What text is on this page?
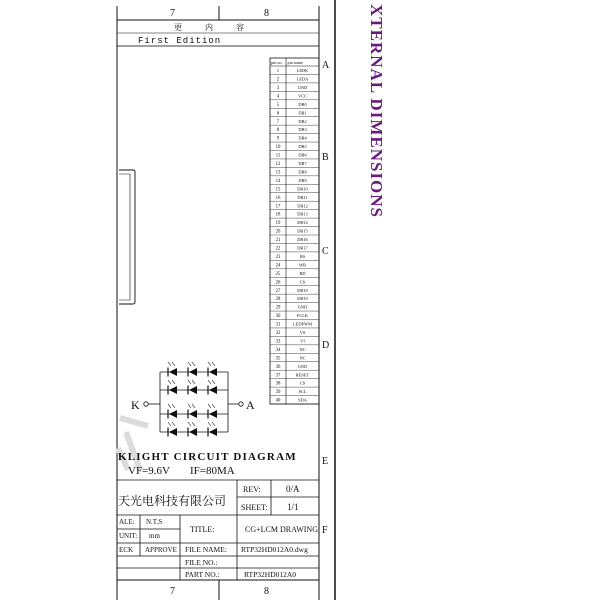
7	8
7	8
A
B
C
D
E
F
更	内	容
First Edition
pin no. pin name
1	LEDK
2	LEDA
3	GND
4	VCC
5	DB0
6	DB1
7	DB2
8	DB3
9	DB4
10	DB5
11	DB6
12	DB7
13	DB8
14	DB9
15	DB10
16	DB11
17	DB12
18	DB13
19	DB14
20	DB15
21	DB16
22	DB17
23	RS
24	WR
25	RD
26	CS
27	DB18
28	DB19
29	GND
30	FCLK
31	LEDPWM
32	VS
33	VI
34	NC
35	NC
36	GND
37	RESET
38	CS
39	SCL
40	SDA
K	A
KLIGHT CIRCUIT DIAGRAM
VF=9.6V IF=80MA
天光电科技有限公司
REV:	0/A
SHEET: 1/1
ALE: N.T.S
UNIT: mm
ECK APPROVE
TITLE:	CG+LCM DRAWING
FILE NAME: RTP32HD012A0.dwg
FILE NO.:
PART NO.:	RTP32HD012A0
XTERNAL DIMENSIONS
